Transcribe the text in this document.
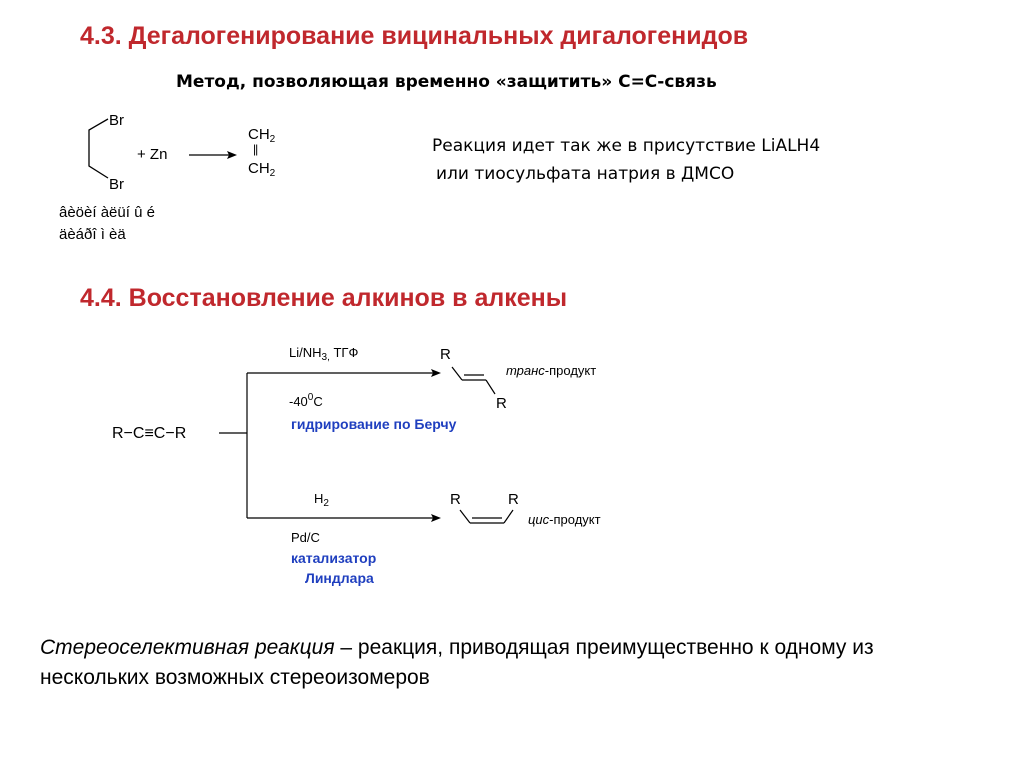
4.3. Дегалогенирование вицинальных дигалогенидов
Метод, позволяющая временно «защитить» С=С-связь
Br
Br
+ Zn
$CH_2$
||
$CH_2$
âèöèí àëüí û é
äèáðî ì èä
Реакция идет так же в присутствие LiALH4
или тиосульфата натрия в ДМСО
4.4. Восстановление алкинов в алкены
R−C≡C−R
$Li/NH_{3,}$ ТГФ
$-40^0C$
гидрирование по Берчу
R
R
транс-продукт
$H_2$
Pd/C
катализатор
Линдлара
R	R
цис-продукт
Стереоселективная реакция – реакция, приводящая преимущественно к одному из нескольких возможных стереоизомеров
